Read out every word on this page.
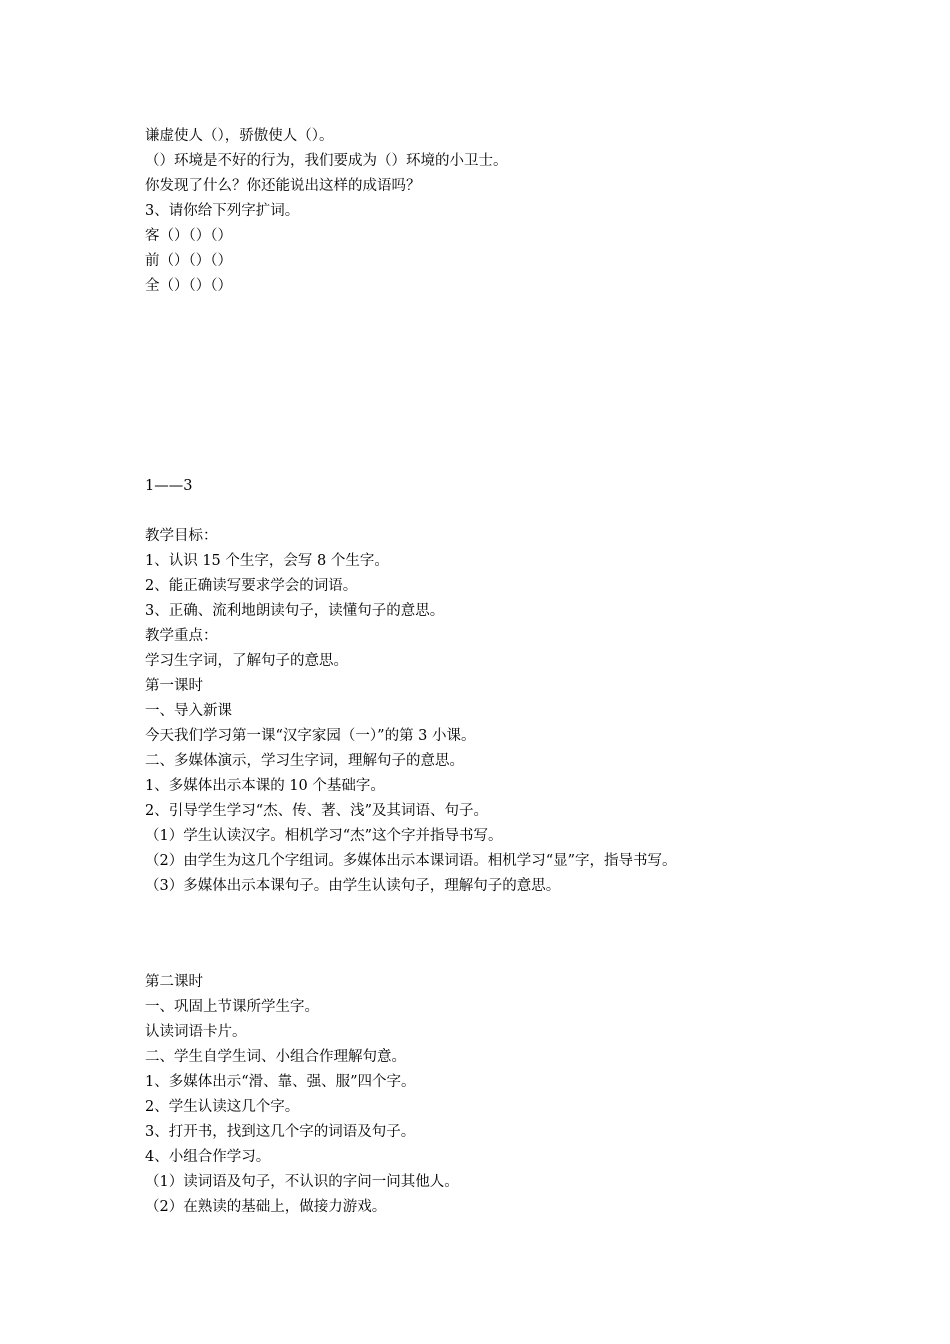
谦虚使人（），骄傲使人（）。
（）环境是不好的行为，我们要成为（）环境的小卫士。
你发现了什么？你还能说出这样的成语吗？
3、请你给下列字扩词。
客（）（）（）
前（）（）（）
全（）（）（）
1——3
教学目标：
1、认识 15 个生字，会写 8 个生字。
2、能正确读写要求学会的词语。
3、正确、流利地朗读句子，读懂句子的意思。
教学重点：
学习生字词，了解句子的意思。
第一课时
一、导入新课
今天我们学习第一课“汉字家园（一）”的第 3 小课。
二、多媒体演示，学习生字词，理解句子的意思。
1、多媒体出示本课的 10 个基础字。
2、引导学生学习“杰、传、著、浅”及其词语、句子。
（1）学生认读汉字。相机学习“杰”这个字并指导书写。
（2）由学生为这几个字组词。多媒体出示本课词语。相机学习“显”字，指导书写。
（3）多媒体出示本课句子。由学生认读句子，理解句子的意思。
第二课时
一、巩固上节课所学生字。
认读词语卡片。
二、学生自学生词、小组合作理解句意。
1、多媒体出示“滑、靠、强、服”四个字。
2、学生认读这几个字。
3、打开书，找到这几个字的词语及句子。
4、小组合作学习。
（1）读词语及句子，不认识的字问一问其他人。
（2）在熟读的基础上，做接力游戏。
